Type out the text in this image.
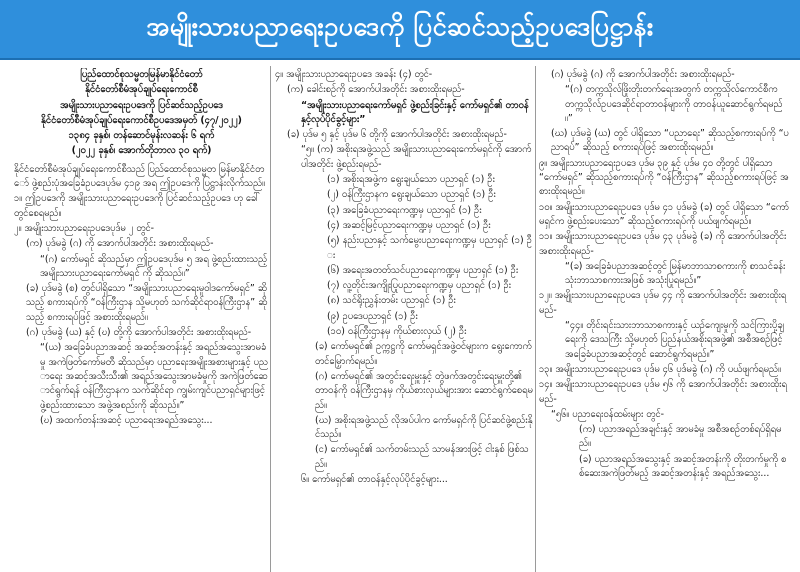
အမျိုးသားပညာရေးဥပဒေကို ပြင်ဆင်သည့်ဥပဒေပြဋ္ဌာန်း

ပြည်ထောင်စုသမ္မတမြန်မာနိုင်ငံတော်

နိုင်ငံတော်စီမံအုပ်ချုပ်ရေးကောင်စီ

အမျိုးသားပညာရေးဥပဒေကို ပြင်ဆင်သည့်ဥပဒေ

နိုင်ငံတော်စီမံအုပ်ချုပ်ရေးကောင်စီဥပဒေအမှတ် (၄၇/၂၀၂၂)

၁၃၈၄ ခုနှစ်၊ တန်ဆောင်မုန်းလဆန်း ၆ ရက်

(၂၀၂၂ ခုနှစ်၊ အောက်တိုဘာလ ၃၀ ရက်)

နိုင်ငံတော်စီမံအုပ်ချုပ်ရေးကောင်စီသည် ပြည်ထောင်စုသမ္မတ မြန်မာနိုင်ငံတော် ဖွဲ့စည်းပုံအခြေခံဥပဒေပုဒ်မ ၄၁၉ အရ ဤဥပဒေကို ပြဋ္ဌာန်းလိုက်သည်။

၁။ ဤဥပဒေကို အမျိုးသားပညာရေးဥပဒေကို ပြင်ဆင်သည့်ဥပဒေ ဟု ခေါ်တွင်စေရမည်။

၂။ အမျိုးသားပညာရေးဥပဒေပုဒ်မ ၂ တွင်-

(က) ပုဒ်မခွဲ (ဂ) ကို အောက်ပါအတိုင်း အစားထိုးရမည်-

“(ဂ) ကော်မရှင် ဆိုသည်မှာ ဤဥပဒေပုဒ်မ ၅ အရ ဖွဲ့စည်းထားသည့် အမျိုးသားပညာရေးကော်မရှင် ကို ဆိုသည်။”

(ခ) ပုဒ်မခွဲ (စ) တွင်ပါရှိသော “အမျိုးသားပညာရေးမူဝါဒကော်မရှင်” ဆိုသည့် စကားရပ်ကို “ဝန်ကြီးဌာန သို့မဟုတ် သက်ဆိုင်ရာဝန်ကြီးဌာန” ဆိုသည့် စကားရပ်ဖြင့် အစားထိုးရမည်။

(ဂ) ပုဒ်မခွဲ (ယ) နှင့် (ဎ) တို့ကို အောက်ပါအတိုင်း အစားထိုးရမည်-

“(ယ) အခြေခံပညာအဆင့် အဆင့်အတန်းနှင့် အရည်အသွေးအာမခံမှု အကဲဖြတ်ကော်မတီ ဆိုသည်မှာ ပညာရေးအမျိုးအစားများနှင့် ပညာရေး အဆင့်အသီးသီး၏ အရည်အသွေးအာမခံမှုကို အကဲဖြတ်ဆောင်ရွက်ရန် ဝန်ကြီးဌာနက သက်ဆိုင်ရာ ကျွမ်းကျင်ပညာရှင်များဖြင့် ဖွဲ့စည်းထားသော အဖွဲ့အစည်းကို ဆိုသည်။”

(ဎ) အထက်တန်းအဆင့် ပညာရေးအရည်အသွေး...

၄။ အမျိုးသားပညာရေးဥပဒေ အခန်း (၄) တွင်-

(က) ခေါင်းစဉ်ကို အောက်ပါအတိုင်း အစားထိုးရမည်-

“အမျိုးသားပညာရေးကော်မရှင် ဖွဲ့စည်းခြင်းနှင့် ကော်မရှင်၏ တာဝန်နှင့်လုပ်ပိုင်ခွင့်များ”

(ခ) ပုဒ်မ ၅ နှင့် ပုဒ်မ ၆ တို့ကို အောက်ပါအတိုင်း အစားထိုးရမည်-

“၅။ (က) အစိုးရအဖွဲ့သည် အမျိုးသားပညာရေးကော်မရှင်ကို အောက်ပါအတိုင်း ဖွဲ့စည်းရမည်-

(၁) အစိုးရအဖွဲ့က ရွေးချယ်သော ပညာရှင် (၁) ဦး

(၂) ဝန်ကြီးဌာနက ရွေးချယ်သော ပညာရှင် (၁) ဦး

(၃) အခြေခံပညာရေးကဏ္ဍမှ ပညာရှင် (၁) ဦး

(၄) အဆင့်မြင့်ပညာရေးကဏ္ဍမှ ပညာရှင် (၁) ဦး

(၅) နည်းပညာနှင့် သက်မွေးပညာရေးကဏ္ဍမှ ပညာရှင် (၁) ဦး

(၆) အရေးအတတ်သင်ပညာရေးကဏ္ဍမှ ပညာရှင် (၁) ဦး

(၇) လူ့တိုင်းအကျိုးပြုပညာရေးကဏ္ဍမှ ပညာရှင် (၁) ဦး

(၈) သင်ရိုးညွှန်းတမ်း ပညာရှင် (၁) ဦး

(၉) ဥပဒေပညာရှင် (၁) ဦး

(၁၀) ဝန်ကြီးဌာနမှ ကိုယ်စားလှယ် (၂) ဦး

(ခ) ကော်မရှင်၏ ဥက္ကဋ္ဌကို ကော်မရှင်အဖွဲ့ဝင်များက ရွေးကောက်တင်မြှောက်ရမည်။

(ဂ) ကော်မရှင်၏ အတွင်းရေးမှူးနှင့် တွဲဖက်အတွင်းရေးမှူးတို့၏ တာဝန်ကို ဝန်ကြီးဌာနမှ ကိုယ်စားလှယ်များအား ဆောင်ရွက်စေရမည်။

(ဃ) အစိုးရအဖွဲ့သည် လိုအပ်ပါက ကော်မရှင်ကို ပြင်ဆင်ဖွဲ့စည်းနိုင်သည်။

(င) ကော်မရှင်၏ သက်တမ်းသည် သာမန်အားဖြင့် ငါးနှစ် ဖြစ်သည်။

၆။ ကော်မရှင်၏ တာဝန်နှင့်လုပ်ပိုင်ခွင့်များ...

(ဂ) ပုဒ်မခွဲ (ဂ) ကို အောက်ပါအတိုင်း အစားထိုးရမည်-

“(ဂ) တက္ကသိုလ်ဖြိုးတိုးတက်ရေးအတွက် တက္ကသိုလ်ကောင်စီက တက္ကသိုလ်ဥပဒေဆိုင်ရာတာဝန်များကို တာဝန်ယူဆောင်ရွက်ရမည်။”

(ဃ) ပုဒ်မခွဲ (ဃ) တွင် ပါရှိသော “ပညာရေး” ဆိုသည့်စကားရပ်ကို “ပညာရပ်” ဆိုသည့် စကားရပ်ဖြင့် အစားထိုးရမည်။

၉။ အမျိုးသားပညာရေးဥပဒေ ပုဒ်မ ၃၉ နှင့် ပုဒ်မ ၄၀ တို့တွင် ပါရှိသော “ကော်မရှင်” ဆိုသည့်စကားရပ်ကို “ဝန်ကြီးဌာန” ဆိုသည့်စကားရပ်ဖြင့် အစားထိုးရမည်။

၁၀။ အမျိုးသားပညာရေးဥပဒေ ပုဒ်မ ၄၁ ပုဒ်မခွဲ (ခ) တွင် ပါရှိသော “ကော်မရှင်က ဖွဲ့စည်းပေးသော” ဆိုသည့်စကားရပ်ကို ပယ်ဖျက်ရမည်။

၁၁။ အမျိုးသားပညာရေးဥပဒေ ပုဒ်မ ၄၃ ပုဒ်မခွဲ (ခ) ကို အောက်ပါအတိုင်း အစားထိုးရမည်-

“(ခ) အခြေခံပညာအဆင့်တွင် မြန်မာဘာသာစကားကို စာသင်ခန်းသုံးဘာသာစကားအဖြစ် အသုံးပြုရမည်။”

၁၂။ အမျိုးသားပညာရေးဥပဒေ ပုဒ်မ ၄၄ ကို အောက်ပါအတိုင်း အစားထိုးရမည်-

“၄၄။ တိုင်းရင်းသားဘာသာစကားနှင့် ယဉ်ကျေးမှုကို သင်ကြားပို့ချရေးကို ဒေသကြီး သို့မဟုတ် ပြည်နယ်အစိုးရအဖွဲ့၏ အစီအစဉ်ဖြင့် အခြေခံပညာအဆင့်တွင် ဆောင်ရွက်ရမည်။”

၁၃။ အမျိုးသားပညာရေးဥပဒေ ပုဒ်မ ၄၆ ပုဒ်မခွဲ (ဂ) ကို ပယ်ဖျက်ရမည်။

၁၄။ အမျိုးသားပညာရေးဥပဒေ ပုဒ်မ ၅၆ ကို အောက်ပါအတိုင်း အစားထိုးရမည်-

“၅၆။ ပညာရေးဝန်ထမ်းများ တွင်-

(က) ပညာအရည်အချင်းနှင့် အာမခံမှု အစီအစဉ်တစ်ရပ်ရှိရမည်။

(ခ) ပညာအရည်အသွေးနှင့် အဆင့်အတန်းကို တိုးတက်မှုကို စစ်ဆေးအကဲဖြတ်မည့် အဆင့်အတန်းနှင့် အရည်အသွေး...
